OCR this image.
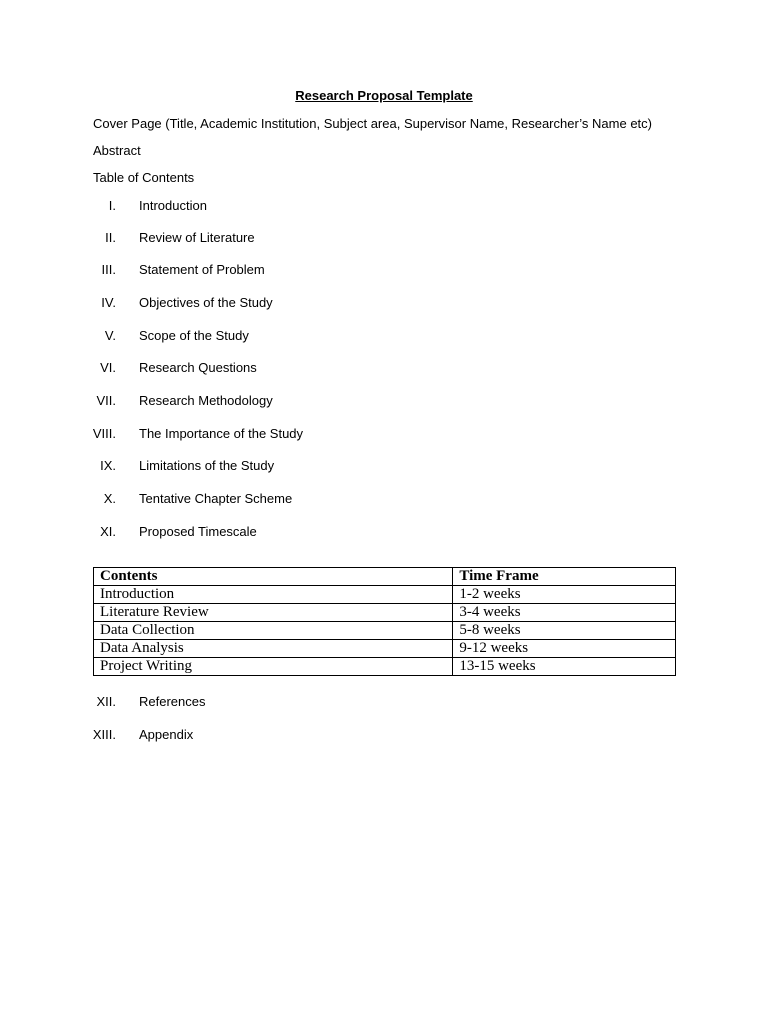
Research Proposal Template
Cover Page (Title, Academic Institution, Subject area, Supervisor Name, Researcher’s Name etc)
Abstract
Table of Contents
I. Introduction
II. Review of Literature
III. Statement of Problem
IV. Objectives of the Study
V. Scope of the Study
VI. Research Questions
VII. Research Methodology
VIII. The Importance of the Study
IX. Limitations of the Study
X. Tentative Chapter Scheme
XI. Proposed Timescale
Contents	Time Frame
Introduction	1-2 weeks
Literature Review	3-4 weeks
Data Collection	5-8 weeks
Data Analysis	9-12 weeks
Project Writing	13-15 weeks
XII. References
XIII. Appendix
